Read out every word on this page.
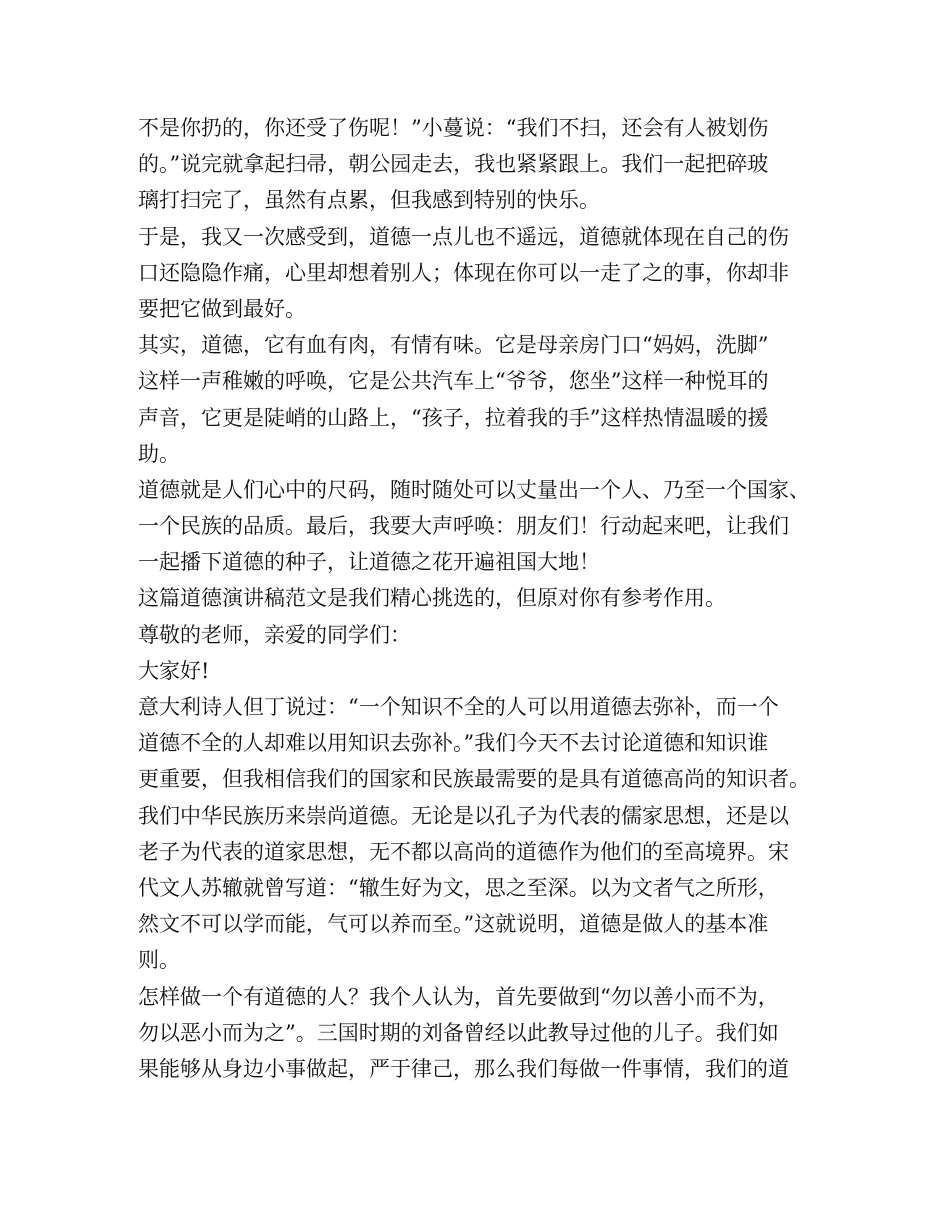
不是你扔的，你还受了伤呢！”小蔓说：“我们不扫，还会有人被划伤
的。”说完就拿起扫帚，朝公园走去，我也紧紧跟上。我们一起把碎玻
璃打扫完了，虽然有点累，但我感到特别的快乐。
于是，我又一次感受到，道德一点儿也不遥远，道德就体现在自己的伤
口还隐隐作痛，心里却想着别人；体现在你可以一走了之的事，你却非
要把它做到最好。
其实，道德，它有血有肉，有情有味。它是母亲房门口“妈妈，洗脚”
这样一声稚嫩的呼唤，它是公共汽车上“爷爷，您坐”这样一种悦耳的
声音，它更是陡峭的山路上，“孩子，拉着我的手”这样热情温暖的援
助。
道德就是人们心中的尺码，随时随处可以丈量出一个人、乃至一个国家、
一个民族的品质。最后，我要大声呼唤：朋友们！行动起来吧，让我们
一起播下道德的种子，让道德之花开遍祖国大地！
这篇道德演讲稿范文是我们精心挑选的，但原对你有参考作用。
尊敬的老师，亲爱的同学们：
大家好!
意大利诗人但丁说过：“一个知识不全的人可以用道德去弥补，而一个
道德不全的人却难以用知识去弥补。”我们今天不去讨论道德和知识谁
更重要，但我相信我们的国家和民族最需要的是具有道德高尚的知识者。
我们中华民族历来崇尚道德。无论是以孔子为代表的儒家思想，还是以
老子为代表的道家思想，无不都以高尚的道德作为他们的至高境界。宋
代文人苏辙就曾写道：“辙生好为文，思之至深。以为文者气之所形，
然文不可以学而能，气可以养而至。”这就说明，道德是做人的基本准
则。
怎样做一个有道德的人？我个人认为，首先要做到“勿以善小而不为，
勿以恶小而为之”。三国时期的刘备曾经以此教导过他的儿子。我们如
果能够从身边小事做起，严于律己，那么我们每做一件事情，我们的道
